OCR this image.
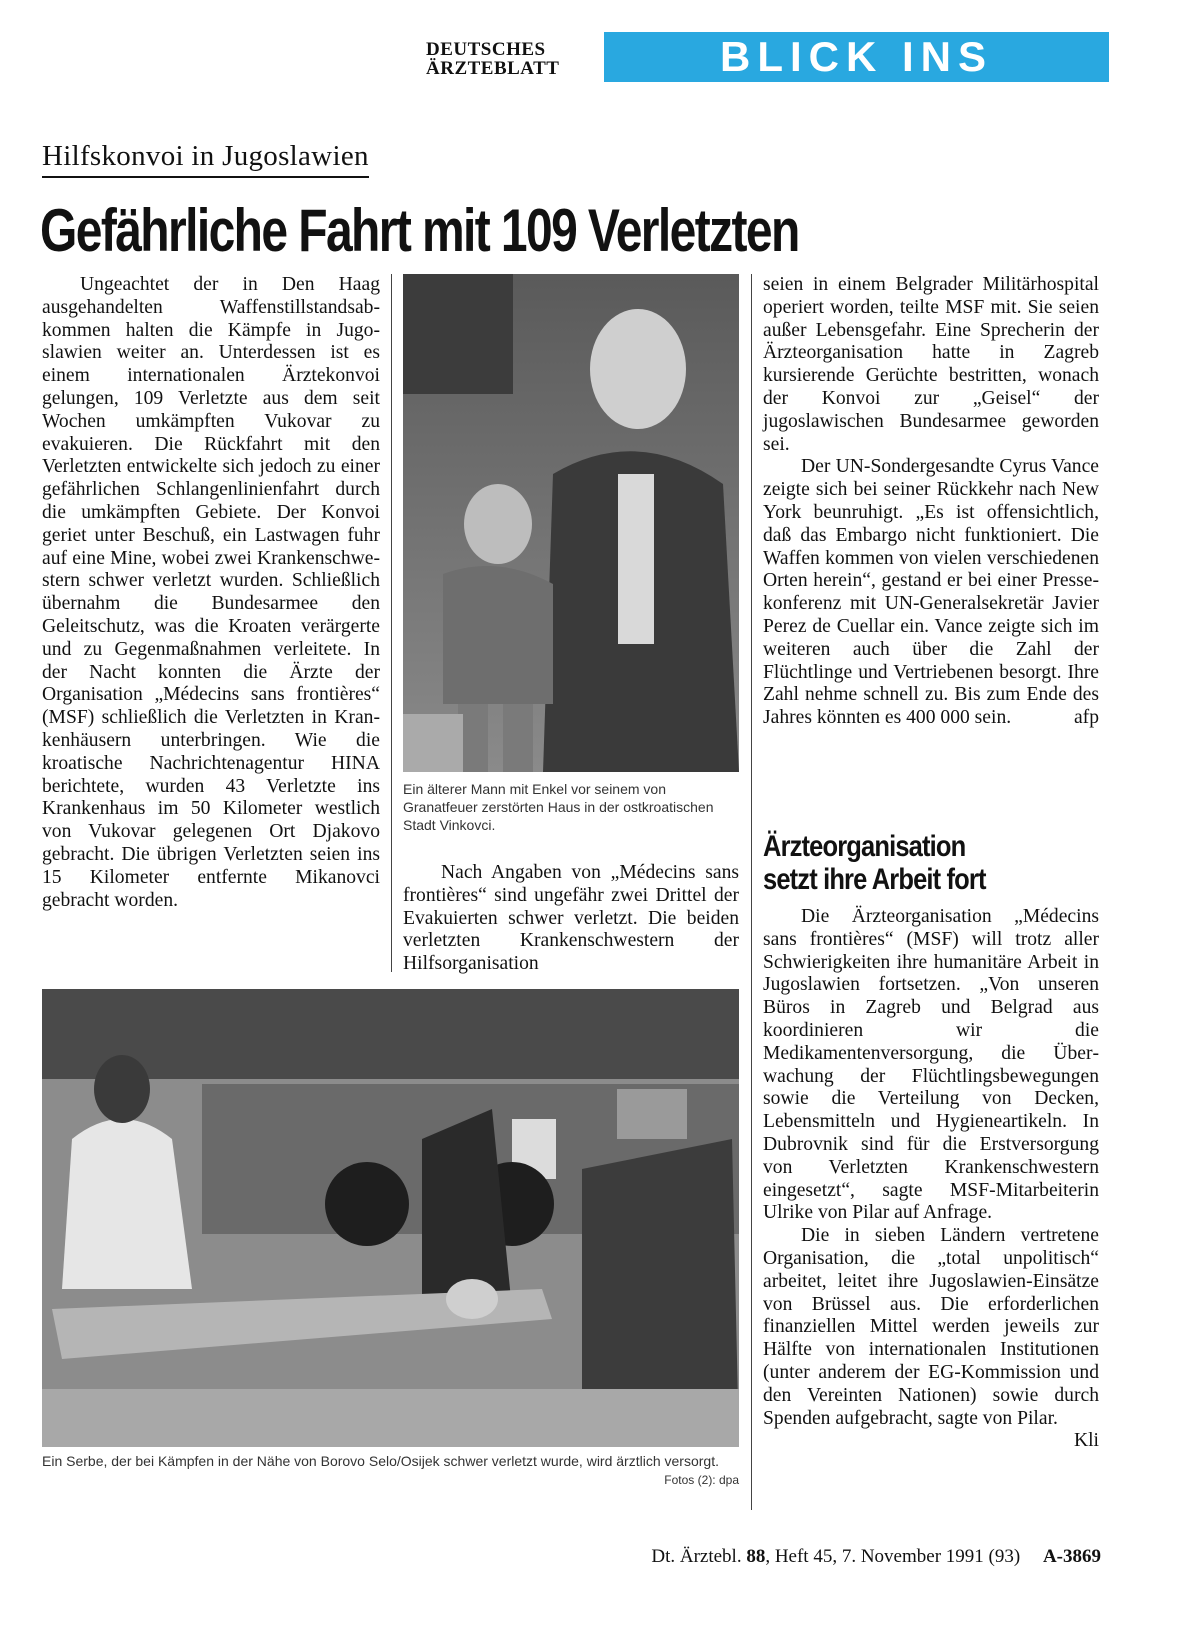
DEUTSCHES
ÄRZTEBLATT	BLICK INS AUSLAND
Hilfskonvoi in Jugoslawien
Gefährliche Fahrt mit 109 Verletzten

Ungeachtet der in Den Haag ausgehandelten Waffenstillstandsabkommen halten die Kämpfe in Jugoslawien weiter an. Unterdessen ist es einem internationalen Ärztekonvoi gelungen, 109 Verletzte aus dem seit Wochen umkämpften Vukovar zu evakuieren. Die Rückfahrt mit den Verletzten entwickelte sich jedoch zu einer gefährlichen Schlangenlinienfahrt durch die umkämpften Gebiete. Der Konvoi geriet unter Beschuß, ein Lastwagen fuhr auf eine Mine, wobei zwei Krankenschwestern schwer verletzt wurden. Schließlich übernahm die Bundesarmee den Geleitschutz, was die Kroaten verärgerte und zu Gegenmaßnahmen verleitete. In der Nacht konnten die Ärzte der Organisation „Médecins sans frontières“ (MSF) schließlich die Verletzten in Krankenhäusern unterbringen. Wie die kroatische Nachrichtenagentur HINA berichtete, wurden 43 Verletzte ins Krankenhaus im 50 Kilometer westlich von Vukovar gelegenen Ort Djakovo gebracht. Die übrigen Verletzten seien ins 15 Kilometer entfernte Mikanovci gebracht worden.

Ein älterer Mann mit Enkel vor seinem von Granatfeuer zerstörten Haus in der ostkroatischen Stadt Vinkovci.

Nach Angaben von „Médecins sans frontières“ sind ungefähr zwei Drittel der Evakuierten schwer verletzt. Die beiden verletzten Krankenschwestern der Hilfsorganisation

seien in einem Belgrader Militärhospital operiert worden, teilte MSF mit. Sie seien außer Lebensgefahr. Eine Sprecherin der Ärzteorganisation hatte in Zagreb kursierende Gerüchte bestritten, wonach der Konvoi zur „Geisel“ der jugoslawischen Bundesarmee geworden sei.

Der UN-Sondergesandte Cyrus Vance zeigte sich bei seiner Rückkehr nach New York beunruhigt. „Es ist offensichtlich, daß das Embargo nicht funktioniert. Die Waffen kommen von vielen verschiedenen Orten herein“, gestand er bei einer Pressekonferenz mit UN-Generalsekretär Javier Perez de Cuellar ein. Vance zeigte sich im weiteren auch über die Zahl der Flüchtlinge und Vertriebenen besorgt. Ihre Zahl nehme schnell zu. Bis zum Ende des Jahres könnten es 400 000 sein.	afp

Ärzteorganisation
setzt ihre Arbeit fort

Die Ärzteorganisation „Médecins sans frontières“ (MSF) will trotz aller Schwierigkeiten ihre humanitäre Arbeit in Jugoslawien fortsetzen. „Von unseren Büros in Zagreb und Belgrad aus koordinieren wir die Medikamentenversorgung, die Überwachung der Flüchtlingsbewegungen sowie die Verteilung von Decken, Lebensmitteln und Hygieneartikeln. In Dubrovnik sind für die Erstversorgung von Verletzten Krankenschwestern eingesetzt“, sagte MSF-Mitarbeiterin Ulrike von Pilar auf Anfrage.

Die in sieben Ländern vertretene Organisation, die „total unpolitisch“ arbeitet, leitet ihre Jugoslawien-Einsätze von Brüssel aus. Die erforderlichen finanziellen Mittel werden jeweils zur Hälfte von internationalen Institutionen (unter anderem der EG-Kommission und den Vereinten Nationen) sowie durch Spenden aufgebracht, sagte von Pilar.
Kli

Ein Serbe, der bei Kämpfen in der Nähe von Borovo Selo/Osijek schwer verletzt wurde, wird ärztlich versorgt.
Fotos (2): dpa
Dt. Ärztebl. 88, Heft 45, 7. November 1991 (93) A-3869
